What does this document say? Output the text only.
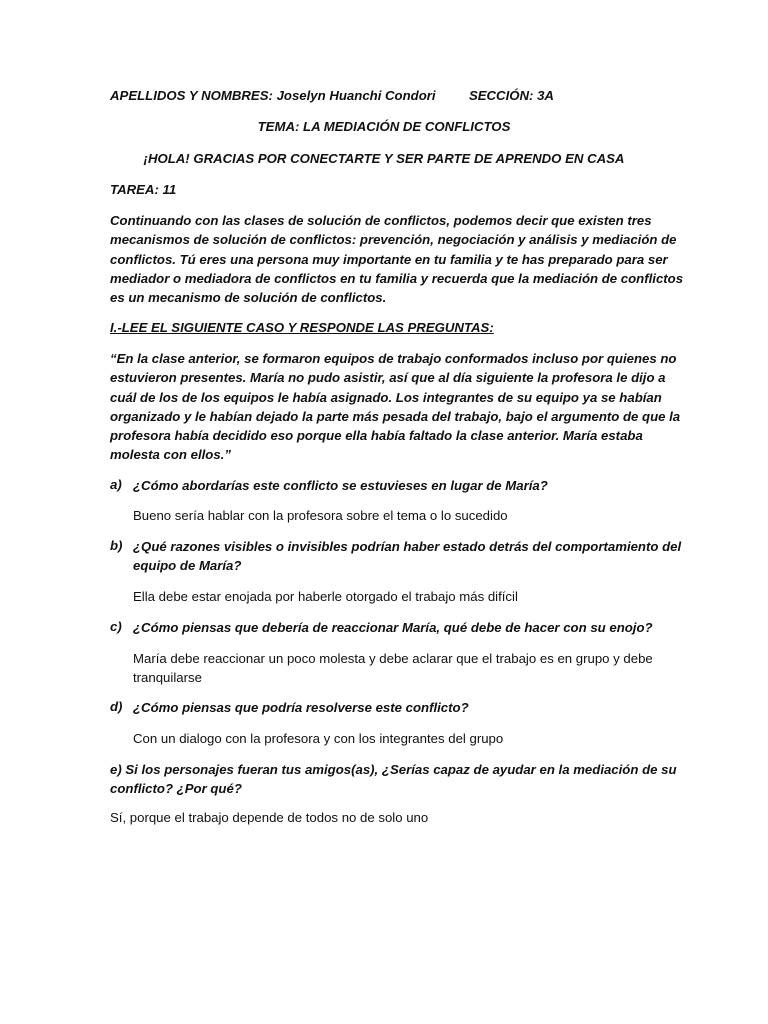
APELLIDOS Y NOMBRES: Joselyn Huanchi Condori	SECCIÓN: 3A
TEMA: LA MEDIACIÓN DE CONFLICTOS
¡HOLA! GRACIAS POR CONECTARTE Y SER PARTE DE APRENDO EN CASA
TAREA: 11
Continuando con las clases de solución de conflictos, podemos decir que existen tres
mecanismos de solución de conflictos: prevención, negociación y análisis y mediación de
conflictos. Tú eres una persona muy importante en tu familia y te has preparado para ser
mediador o mediadora de conflictos en tu familia y recuerda que la mediación de conflictos
es un mecanismo de solución de conflictos.
I.-LEE EL SIGUIENTE CASO Y RESPONDE LAS PREGUNTAS:
“En la clase anterior, se formaron equipos de trabajo conformados incluso por quienes no
estuvieron presentes. María no pudo asistir, así que al día siguiente la profesora le dijo a
cuál de los de los equipos le había asignado. Los integrantes de su equipo ya se habían
organizado y le habían dejado la parte más pesada del trabajo, bajo el argumento de que la
profesora había decidido eso porque ella había faltado la clase anterior. María estaba
molesta con ellos.”
a) ¿Cómo abordarías este conflicto se estuvieses en lugar de María?
Bueno sería hablar con la profesora sobre el tema o lo sucedido
b) ¿Qué razones visibles o invisibles podrían haber estado detrás del comportamiento del
equipo de María?
Ella debe estar enojada por haberle otorgado el trabajo más difícil
c) ¿Cómo piensas que debería de reaccionar María, qué debe de hacer con su enojo?
María debe reaccionar un poco molesta y debe aclarar que el trabajo es en grupo y debe
tranquilarse
d) ¿Cómo piensas que podría resolverse este conflicto?
Con un dialogo con la profesora y con los integrantes del grupo
e) Si los personajes fueran tus amigos(as), ¿Serías capaz de ayudar en la mediación de su
conflicto? ¿Por qué?
Sí, porque el trabajo depende de todos no de solo uno
